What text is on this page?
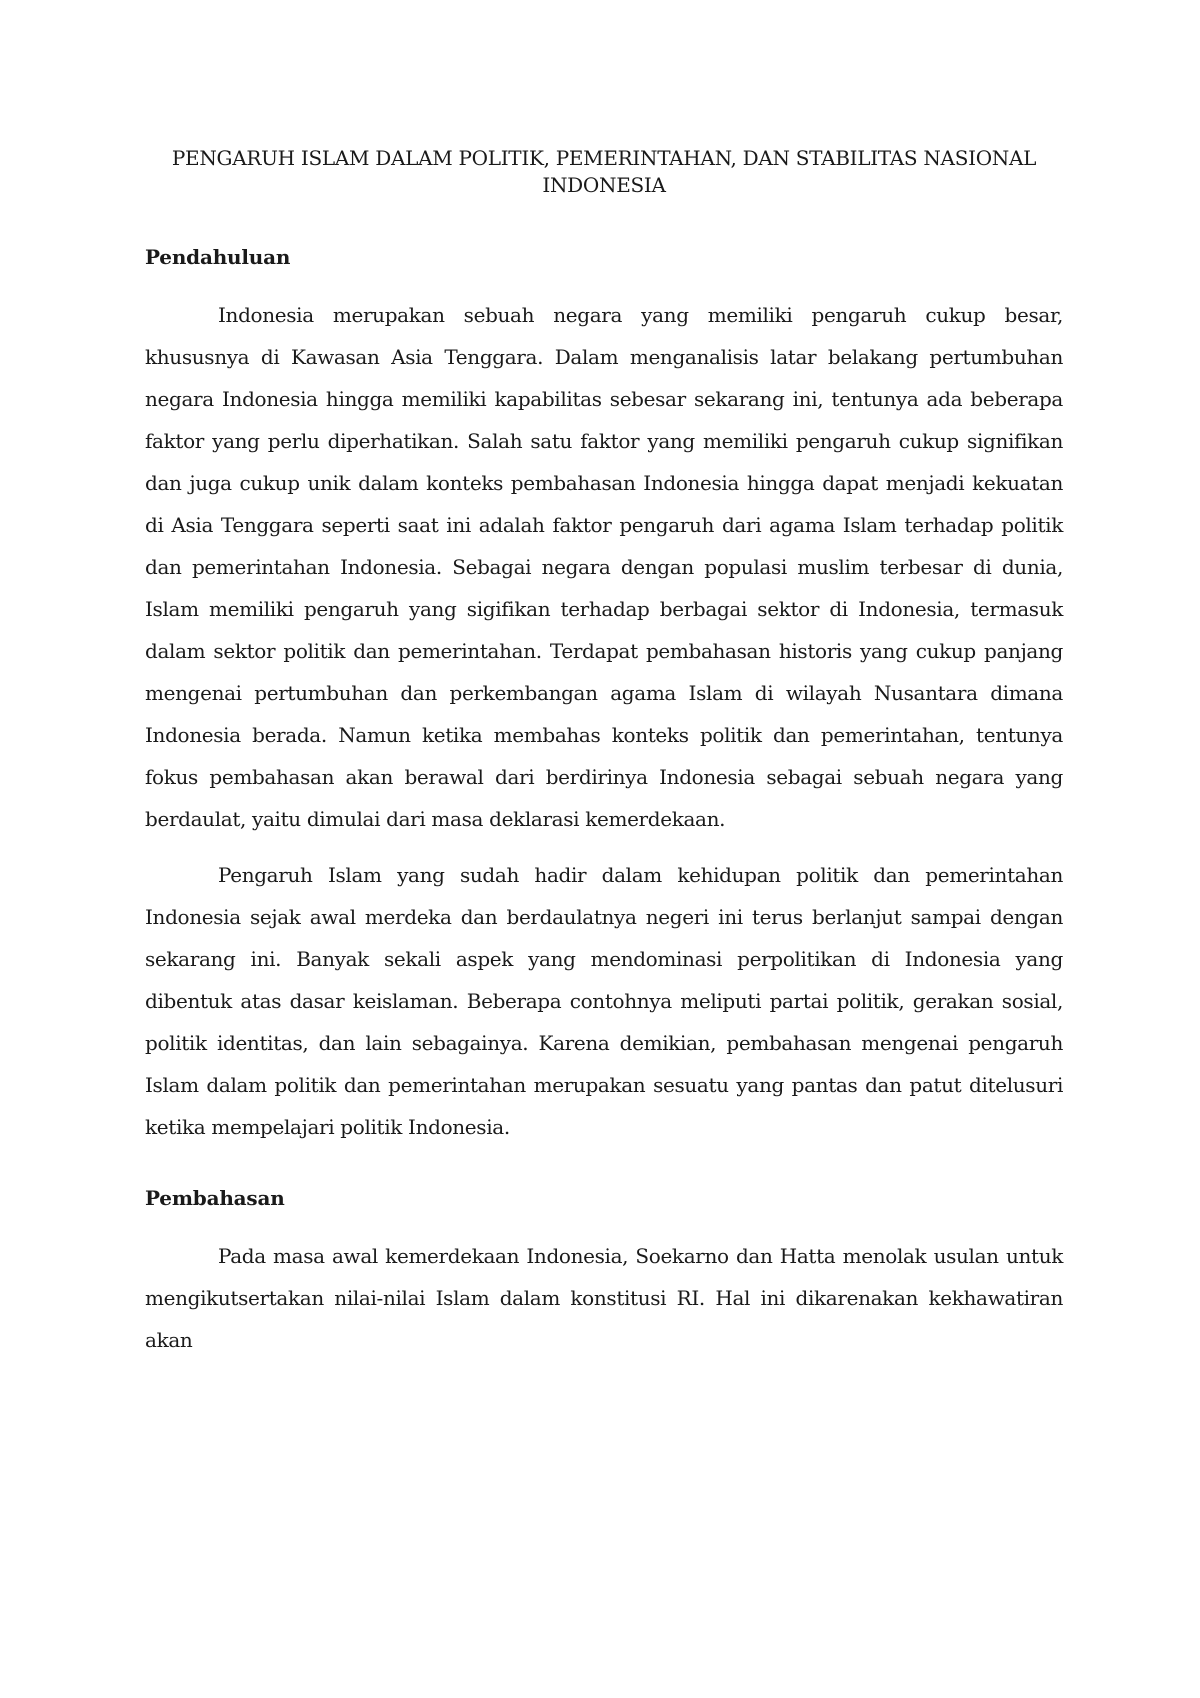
PENGARUH ISLAM DALAM POLITIK, PEMERINTAHAN, DAN STABILITAS NASIONAL INDONESIA
Pendahuluan

Indonesia merupakan sebuah negara yang memiliki pengaruh cukup besar, khususnya di Kawasan Asia Tenggara. Dalam menganalisis latar belakang pertumbuhan negara Indonesia hingga memiliki kapabilitas sebesar sekarang ini, tentunya ada beberapa faktor yang perlu diperhatikan. Salah satu faktor yang memiliki pengaruh cukup signifikan dan juga cukup unik dalam konteks pembahasan Indonesia hingga dapat menjadi kekuatan di Asia Tenggara seperti saat ini adalah faktor pengaruh dari agama Islam terhadap politik dan pemerintahan Indonesia. Sebagai negara dengan populasi muslim terbesar di dunia, Islam memiliki pengaruh yang sigifikan terhadap berbagai sektor di Indonesia, termasuk dalam sektor politik dan pemerintahan. Terdapat pembahasan historis yang cukup panjang mengenai pertumbuhan dan perkembangan agama Islam di wilayah Nusantara dimana Indonesia berada. Namun ketika membahas konteks politik dan pemerintahan, tentunya fokus pembahasan akan berawal dari berdirinya Indonesia sebagai sebuah negara yang berdaulat, yaitu dimulai dari masa deklarasi kemerdekaan.

Pengaruh Islam yang sudah hadir dalam kehidupan politik dan pemerintahan Indonesia sejak awal merdeka dan berdaulatnya negeri ini terus berlanjut sampai dengan sekarang ini. Banyak sekali aspek yang mendominasi perpolitikan di Indonesia yang dibentuk atas dasar keislaman. Beberapa contohnya meliputi partai politik, gerakan sosial, politik identitas, dan lain sebagainya. Karena demikian, pembahasan mengenai pengaruh Islam dalam politik dan pemerintahan merupakan sesuatu yang pantas dan patut ditelusuri ketika mempelajari politik Indonesia.

Pembahasan

Pada masa awal kemerdekaan Indonesia, Soekarno dan Hatta menolak usulan untuk mengikutsertakan nilai-nilai Islam dalam konstitusi RI. Hal ini dikarenakan kekhawatiran akan
